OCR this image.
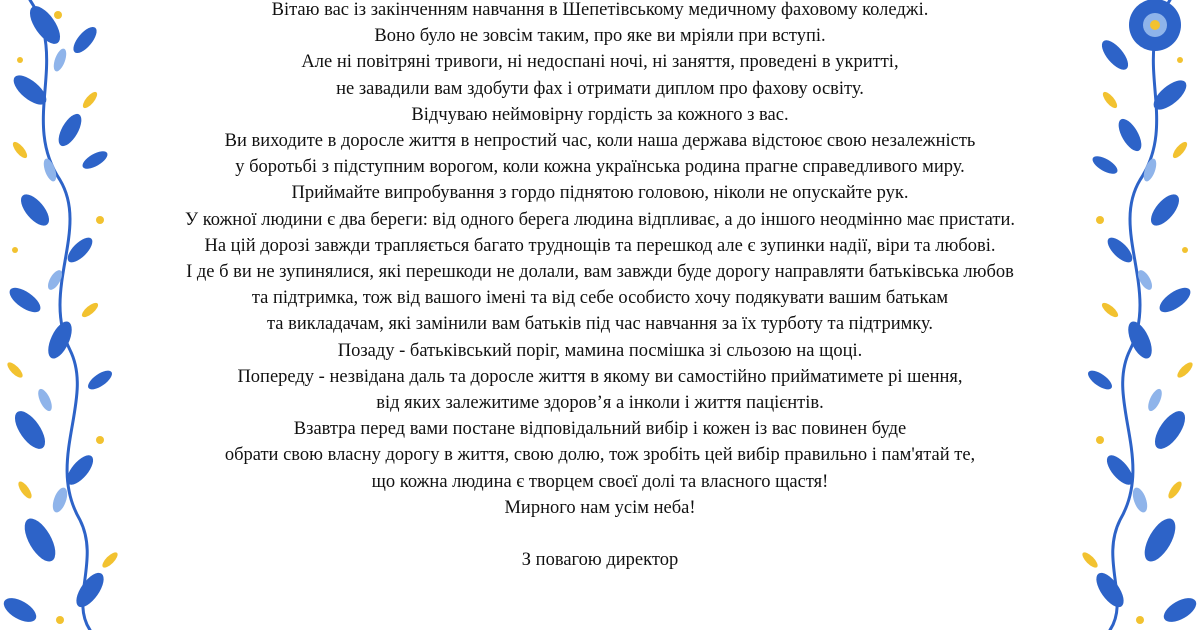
Вітаю вас із закінченням навчання в Шепетівському медичному фаховому коледжі.
Воно було не зовсім таким, про яке ви мріяли при вступі.
Але ні повітряні тривоги, ні недоспані ночі, ні заняття, проведені в укритті,
не завадили вам здобути фах і отримати диплом про фахову освіту.
Відчуваю неймовірну гордість за кожного з вас.
Ви виходите в доросле життя в непростий час, коли наша держава відстоює свою незалежність
у боротьбі з підступним ворогом, коли кожна українська родина прагне справедливого миру.
Приймайте випробування з гордо піднятою головою, ніколи не опускайте рук.
У кожної людини є два береги: від одного берега людина відпливає, а до іншого неодмінно має пристати.
На цій дорозі завжди трапляється багато труднощів та перешкод але є зупинки надії, віри та любові.
І де б ви не зупинялися, які перешкоди не долали, вам завжди буде дорогу направляти батьківська любов
та підтримка, тож від вашого імені та від себе особисто хочу подякувати вашим батькам
та викладачам, які замінили вам батьків під час навчання за їх турботу та підтримку.
Позаду - батьківський поріг, мамина посмішка зі сльозою на щоці.
Попереду - незвідана даль та доросле життя в якому ви самостійно прийматимете рі шення,
від яких залежитиме здоров’я а інколи і життя пацієнтів.
Взавтра перед вами постане відповідальний вибір і кожен із вас повинен буде
обрати свою власну дорогу в життя, свою долю, тож зробіть цей вибір правильно і пам'ятай те,
що кожна людина є творцем своєї долі та власного щастя!
Мирного нам усім неба!
З повагою директор
